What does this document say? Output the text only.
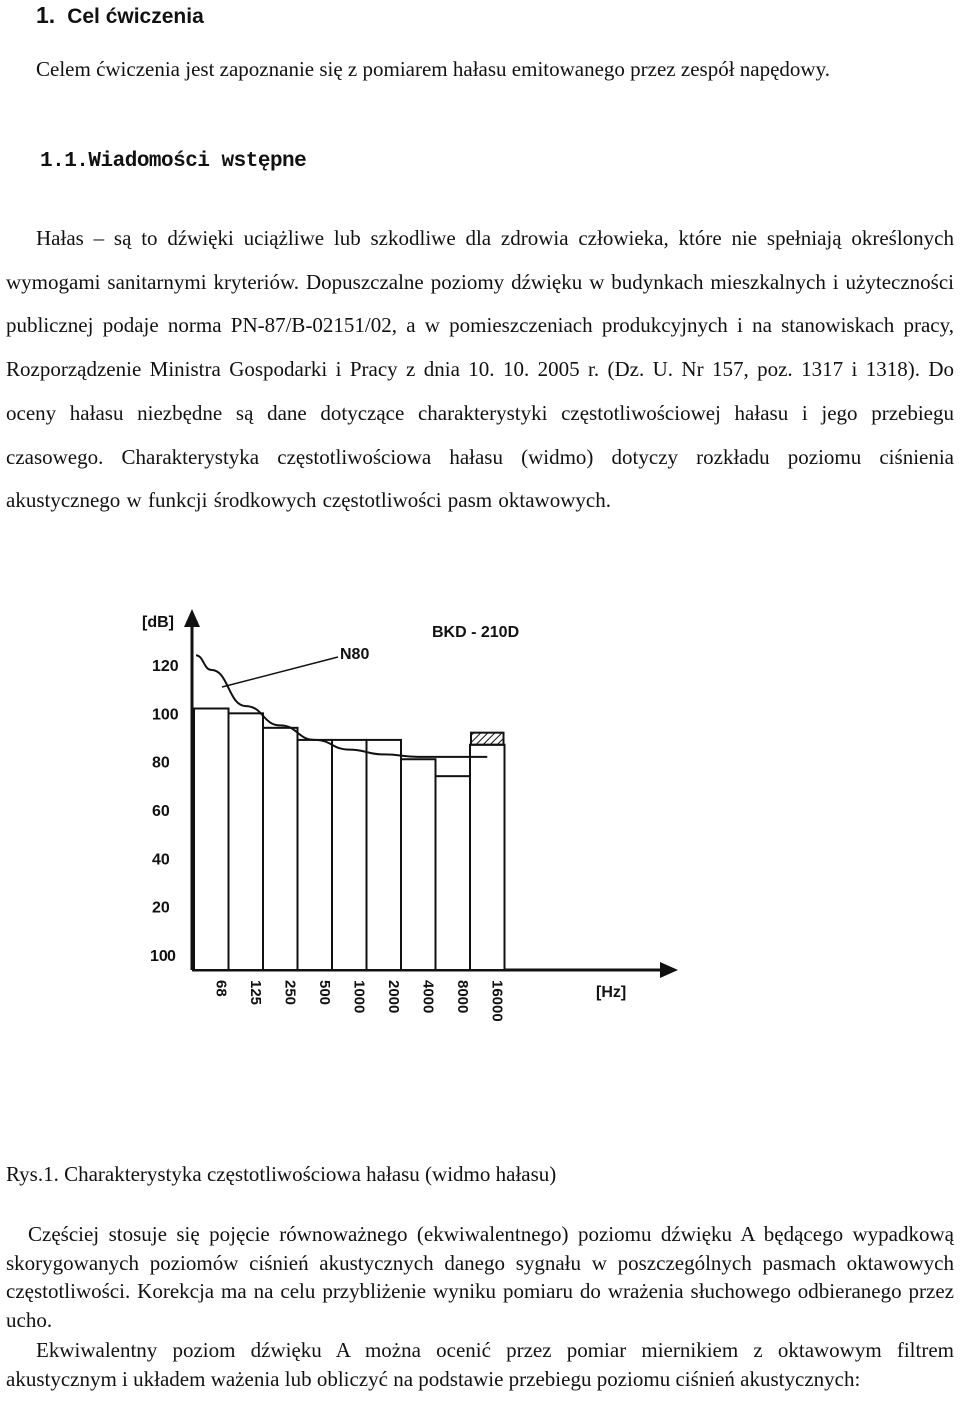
1. Cel ćwiczenia
Celem ćwiczenia jest zapoznanie się z pomiarem hałasu emitowanego przez zespół napędowy.
1.1.Wiadomości wstępne
Hałas – są to dźwięki uciążliwe lub szkodliwe dla zdrowia człowieka, które nie spełniają określonych wymogami sanitarnymi kryteriów. Dopuszczalne poziomy dźwięku w budynkach mieszkalnych i użyteczności publicznej podaje norma PN-87/B-02151/02, a w pomieszczeniach produkcyjnych i na stanowiskach pracy, Rozporządzenie Ministra Gospodarki i Pracy z dnia 10. 10. 2005 r. (Dz. U. Nr 157, poz. 1317 i 1318). Do oceny hałasu niezbędne są dane dotyczące charakterystyki częstotliwościowej hałasu i jego przebiegu czasowego. Charakterystyka częstotliwościowa hałasu (widmo) dotyczy rozkładu poziomu ciśnienia akustycznego w funkcji środkowych częstotliwości pasm oktawowych.
120
100
80
60
40
20
10 0
[dB]
BKD - 210D
[Hz]
68 125 250 500 1000 2000 4000 8000 16000
N80
Rys.1. Charakterystyka częstotliwościowa hałasu (widmo hałasu)
Częściej stosuje się pojęcie równoważnego (ekwiwalentnego) poziomu dźwięku A będącego wypadkową skorygowanych poziomów ciśnień akustycznych danego sygnału w poszczególnych pasmach oktawowych częstotliwości. Korekcja ma na celu przybliżenie wyniku pomiaru do wrażenia słuchowego odbieranego przez ucho.
Ekwiwalentny poziom dźwięku A można ocenić przez pomiar miernikiem z oktawowym filtrem akustycznym i układem ważenia lub obliczyć na podstawie przebiegu poziomu ciśnień akustycznych:
